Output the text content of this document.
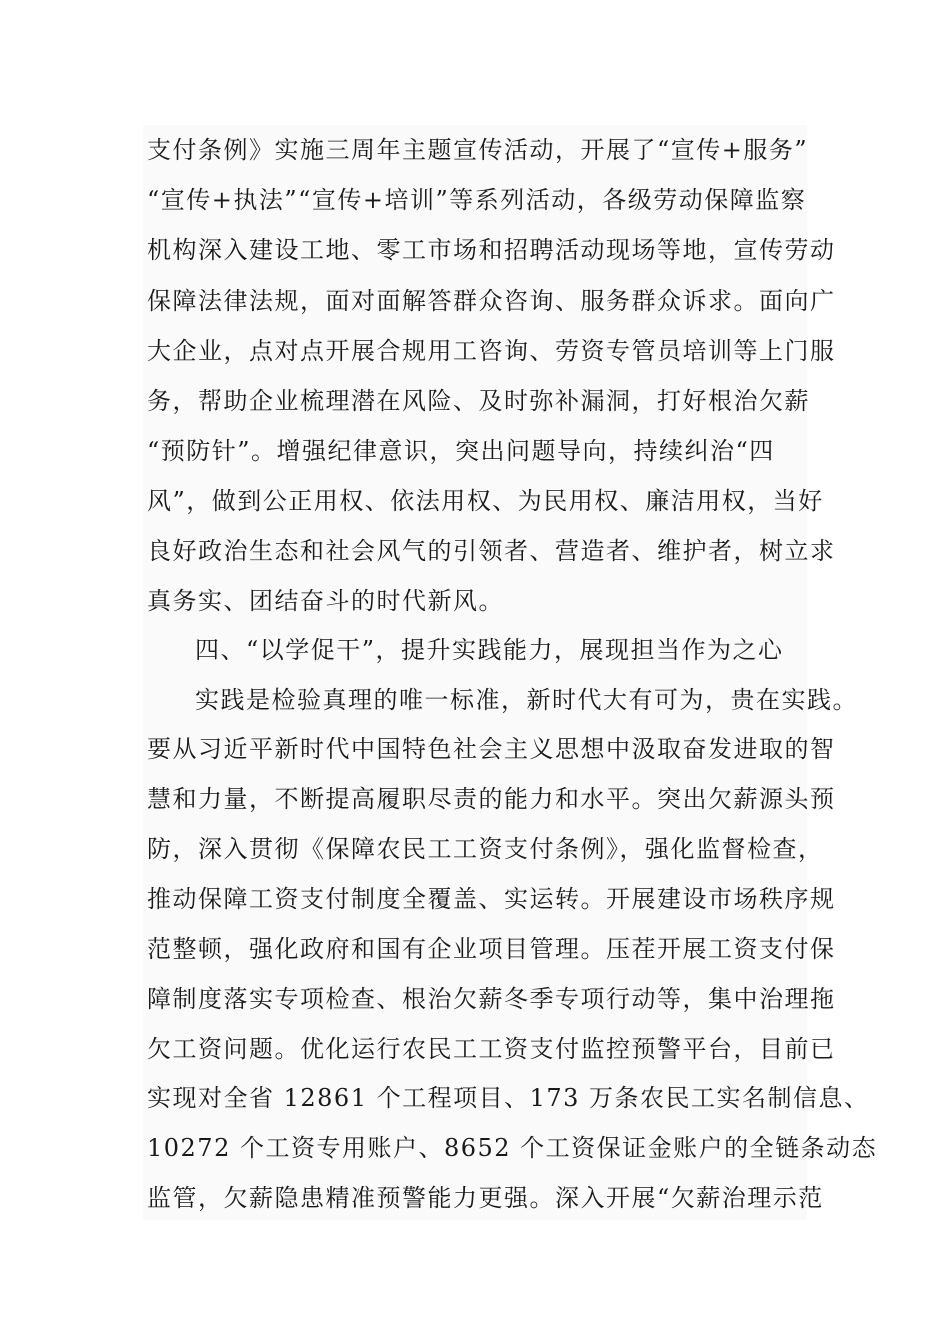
支付条例》实施三周年主题宣传活动，开展了“宣传+服务”
“宣传+执法”“宣传+培训”等系列活动，各级劳动保障监察
机构深入建设工地、零工市场和招聘活动现场等地，宣传劳动
保障法律法规，面对面解答群众咨询、服务群众诉求。面向广
大企业，点对点开展合规用工咨询、劳资专管员培训等上门服
务，帮助企业梳理潜在风险、及时弥补漏洞，打好根治欠薪
“预防针”。增强纪律意识，突出问题导向，持续纠治“四
风”，做到公正用权、依法用权、为民用权、廉洁用权，当好
良好政治生态和社会风气的引领者、营造者、维护者，树立求
真务实、团结奋斗的时代新风。
四、“以学促干”，提升实践能力，展现担当作为之心
实践是检验真理的唯一标准，新时代大有可为，贵在实践。
要从习近平新时代中国特色社会主义思想中汲取奋发进取的智
慧和力量，不断提高履职尽责的能力和水平。突出欠薪源头预
防，深入贯彻《保障农民工工资支付条例》，强化监督检查，
推动保障工资支付制度全覆盖、实运转。开展建设市场秩序规
范整顿，强化政府和国有企业项目管理。压茬开展工资支付保
障制度落实专项检查、根治欠薪冬季专项行动等，集中治理拖
欠工资问题。优化运行农民工工资支付监控预警平台，目前已
实现对全省 12861 个工程项目、173 万条农民工实名制信息、
10272 个工资专用账户、8652 个工资保证金账户的全链条动态
监管，欠薪隐患精准预警能力更强。深入开展“欠薪治理示范
